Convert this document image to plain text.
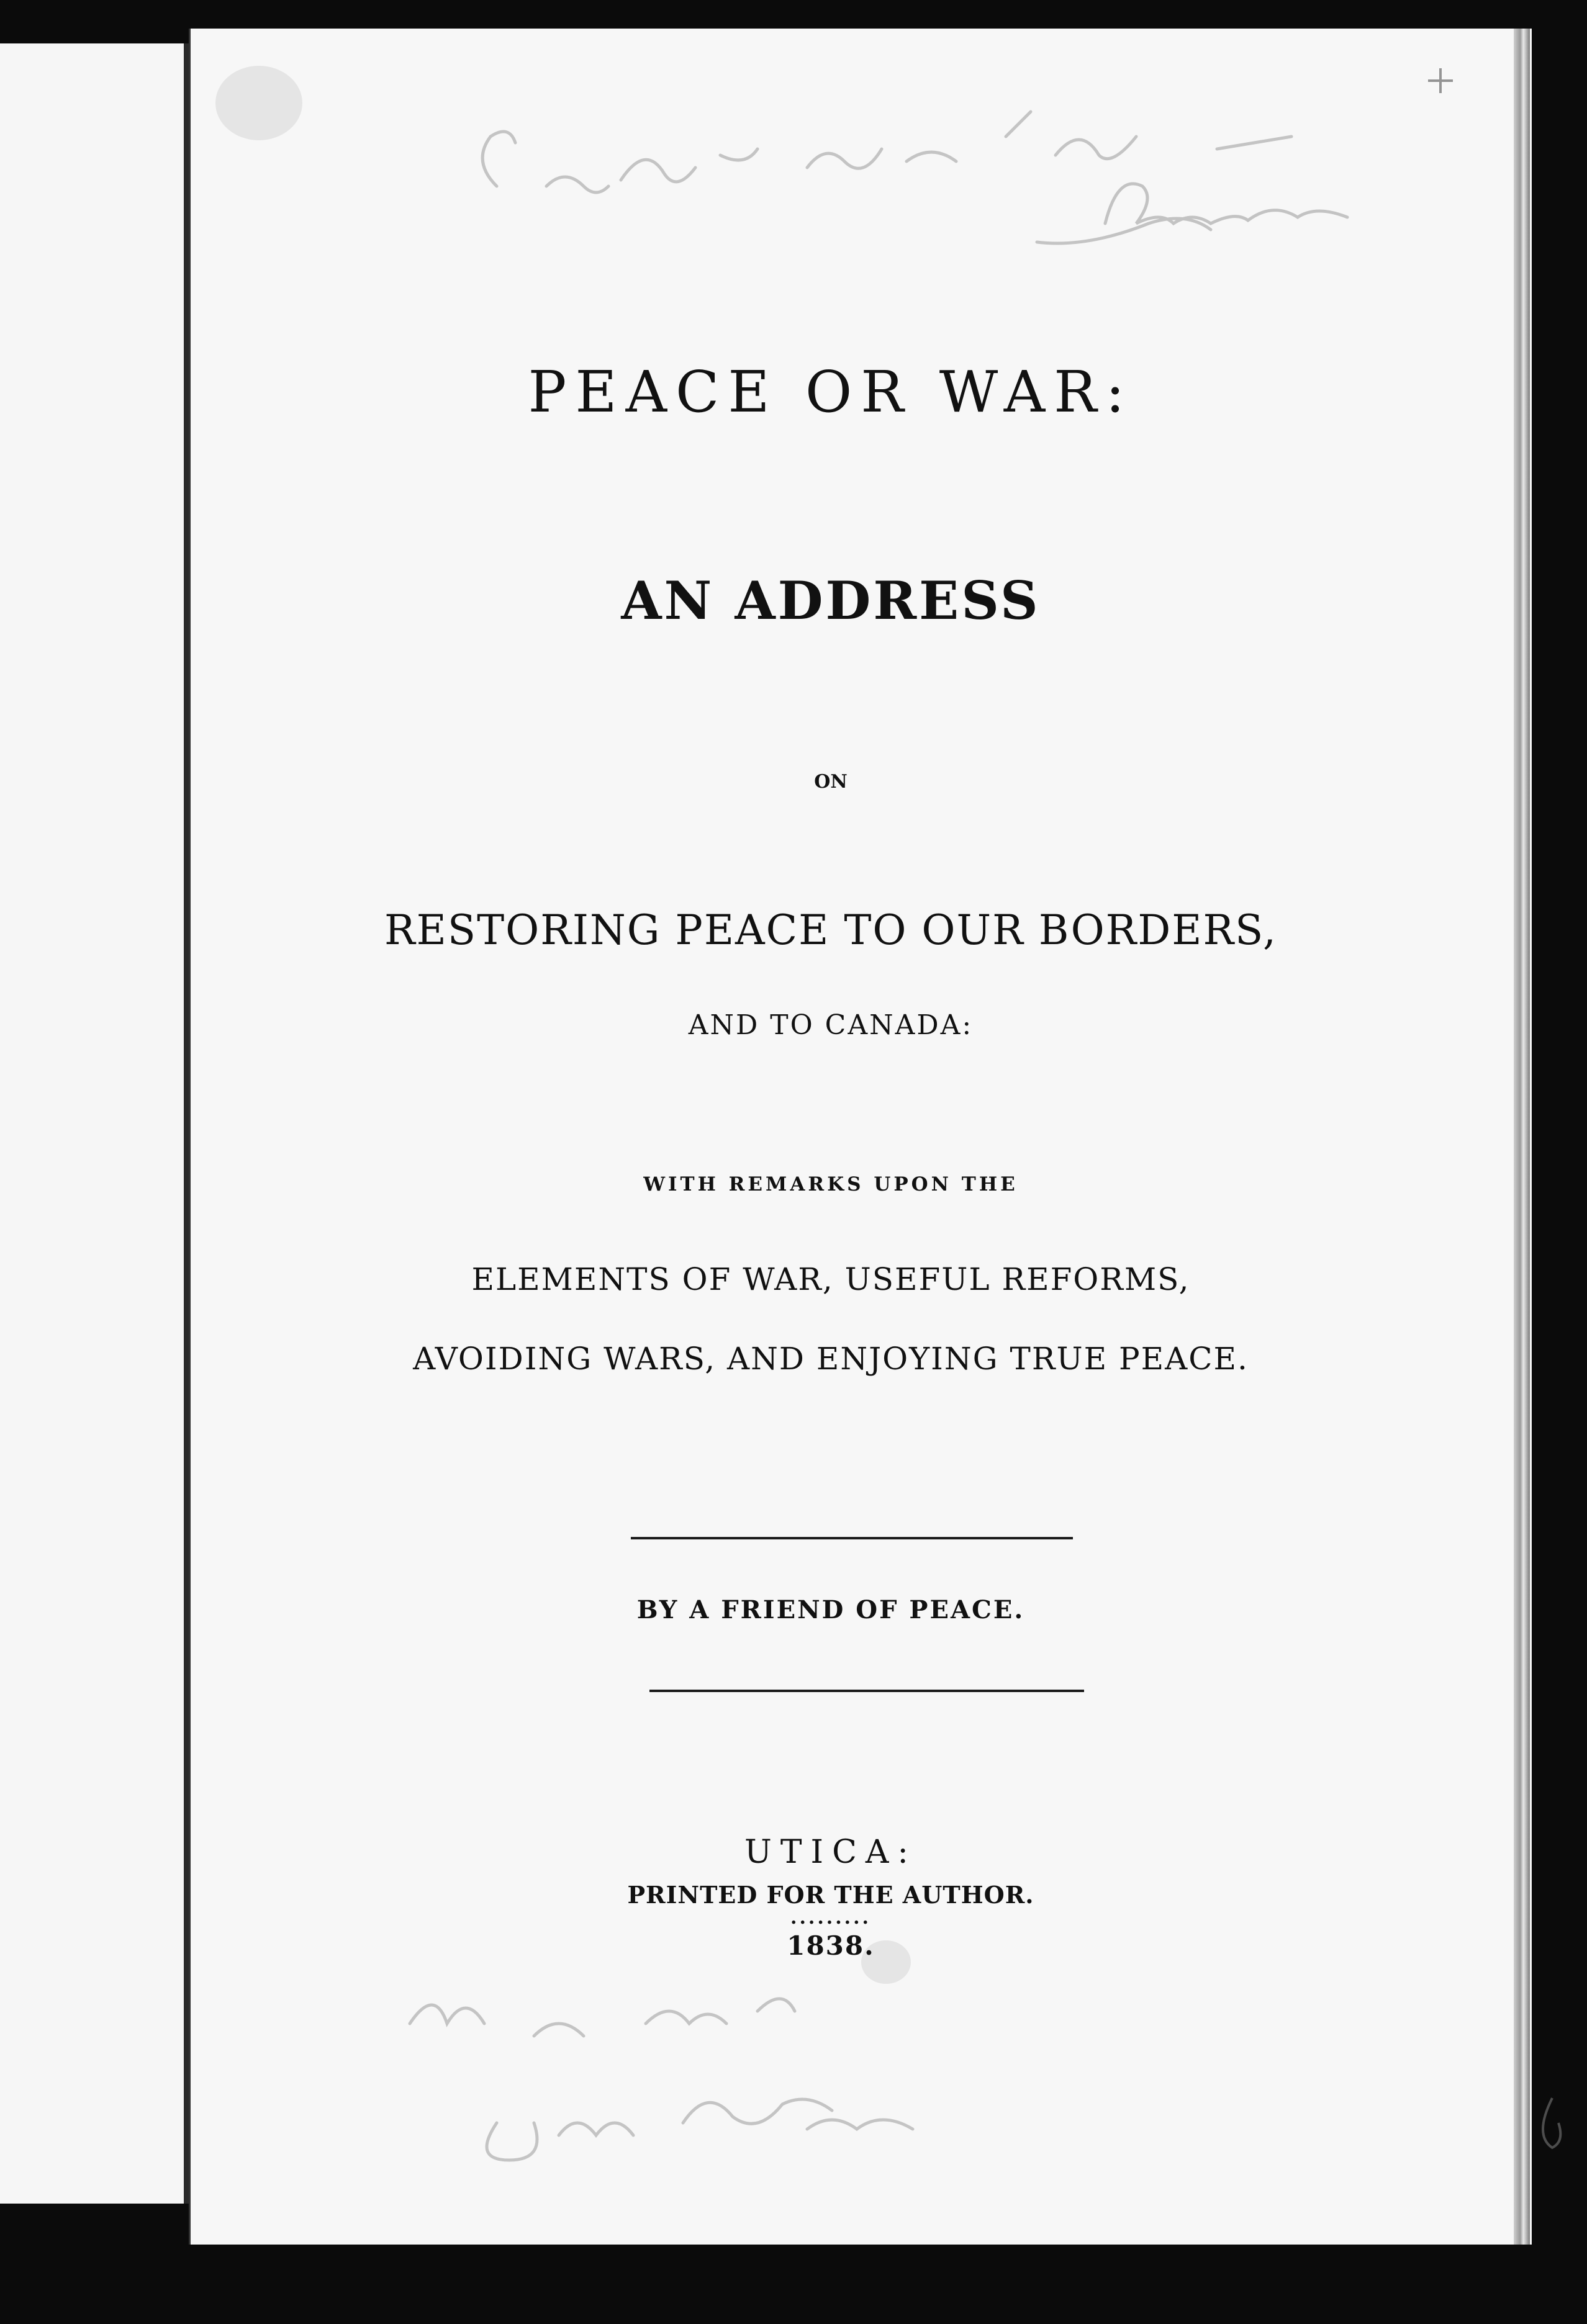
PEACE OR WAR:
AN ADDRESS
ON
RESTORING PEACE TO OUR BORDERS,
AND TO CANADA:
WITH REMARKS UPON THE
ELEMENTS OF WAR, USEFUL REFORMS,
AVOIDING WARS, AND ENJOYING TRUE PEACE.
BY A FRIEND OF PEACE.
UTICA:
PRINTED FOR THE AUTHOR.
.........
1838.
